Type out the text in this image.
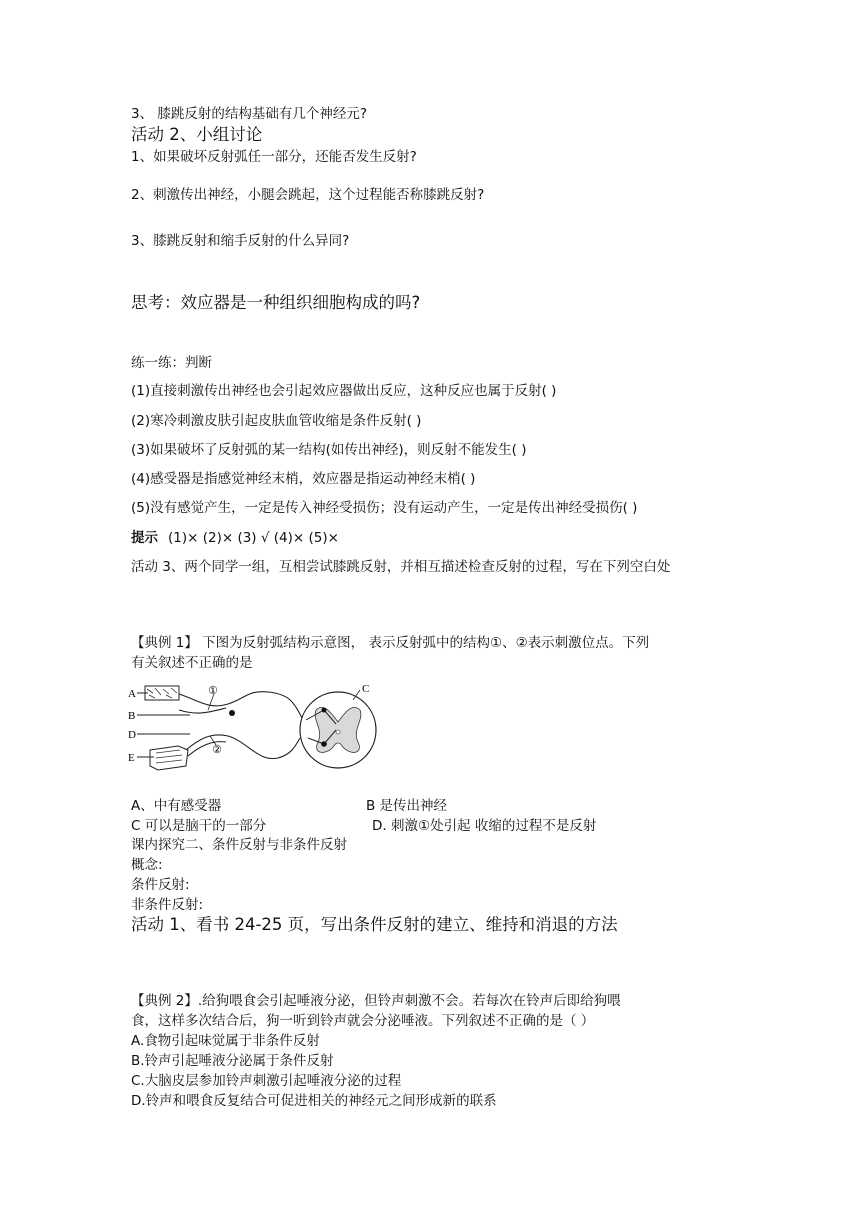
3、 膝跳反射的结构基础有几个神经元?
活动 2、小组讨论
1、如果破坏反射弧任一部分，还能否发生反射?
2、刺激传出神经，小腿会跳起，这个过程能否称膝跳反射?
3、膝跳反射和缩手反射的什么异同?
思考：效应器是一种组织细胞构成的吗?
练一练：判断
(1)直接刺激传出神经也会引起效应器做出反应，这种反应也属于反射( )
(2)寒冷刺激皮肤引起皮肤血管收缩是条件反射( )
(3)如果破坏了反射弧的某一结构(如传出神经)，则反射不能发生( )
(4)感受器是指感觉神经末梢，效应器是指运动神经末梢( )
(5)没有感觉产生，一定是传入神经受损伤；没有运动产生，一定是传出神经受损伤( )
提示 (1)× (2)× (3) √ (4)× (5)×
活动 3、两个同学一组，互相尝试膝跳反射，并相互描述检查反射的过程，写在下列空白处
【典例 1】 下图为反射弧结构示意图， 表示反射弧中的结构①、②表示刺激位点。下列
有关叙述不正确的是
A
B
C
D
E
①
②
A、中有感受器	B 是传出神经
C 可以是脑干的一部分	D. 刺激①处引起 收缩的过程不是反射
课内探究二、条件反射与非条件反射
概念:
条件反射:
非条件反射:
活动 1、看书 24-25 页，写出条件反射的建立、维持和消退的方法
【典例 2】.给狗喂食会引起唾液分泌，但铃声刺激不会。若每次在铃声后即给狗喂
食，这样多次结合后，狗一听到铃声就会分泌唾液。下列叙述不正确的是（ ）
A.食物引起味觉属于非条件反射
B.铃声引起唾液分泌属于条件反射
C.大脑皮层参加铃声刺激引起唾液分泌的过程
D.铃声和喂食反复结合可促进相关的神经元之间形成新的联系
